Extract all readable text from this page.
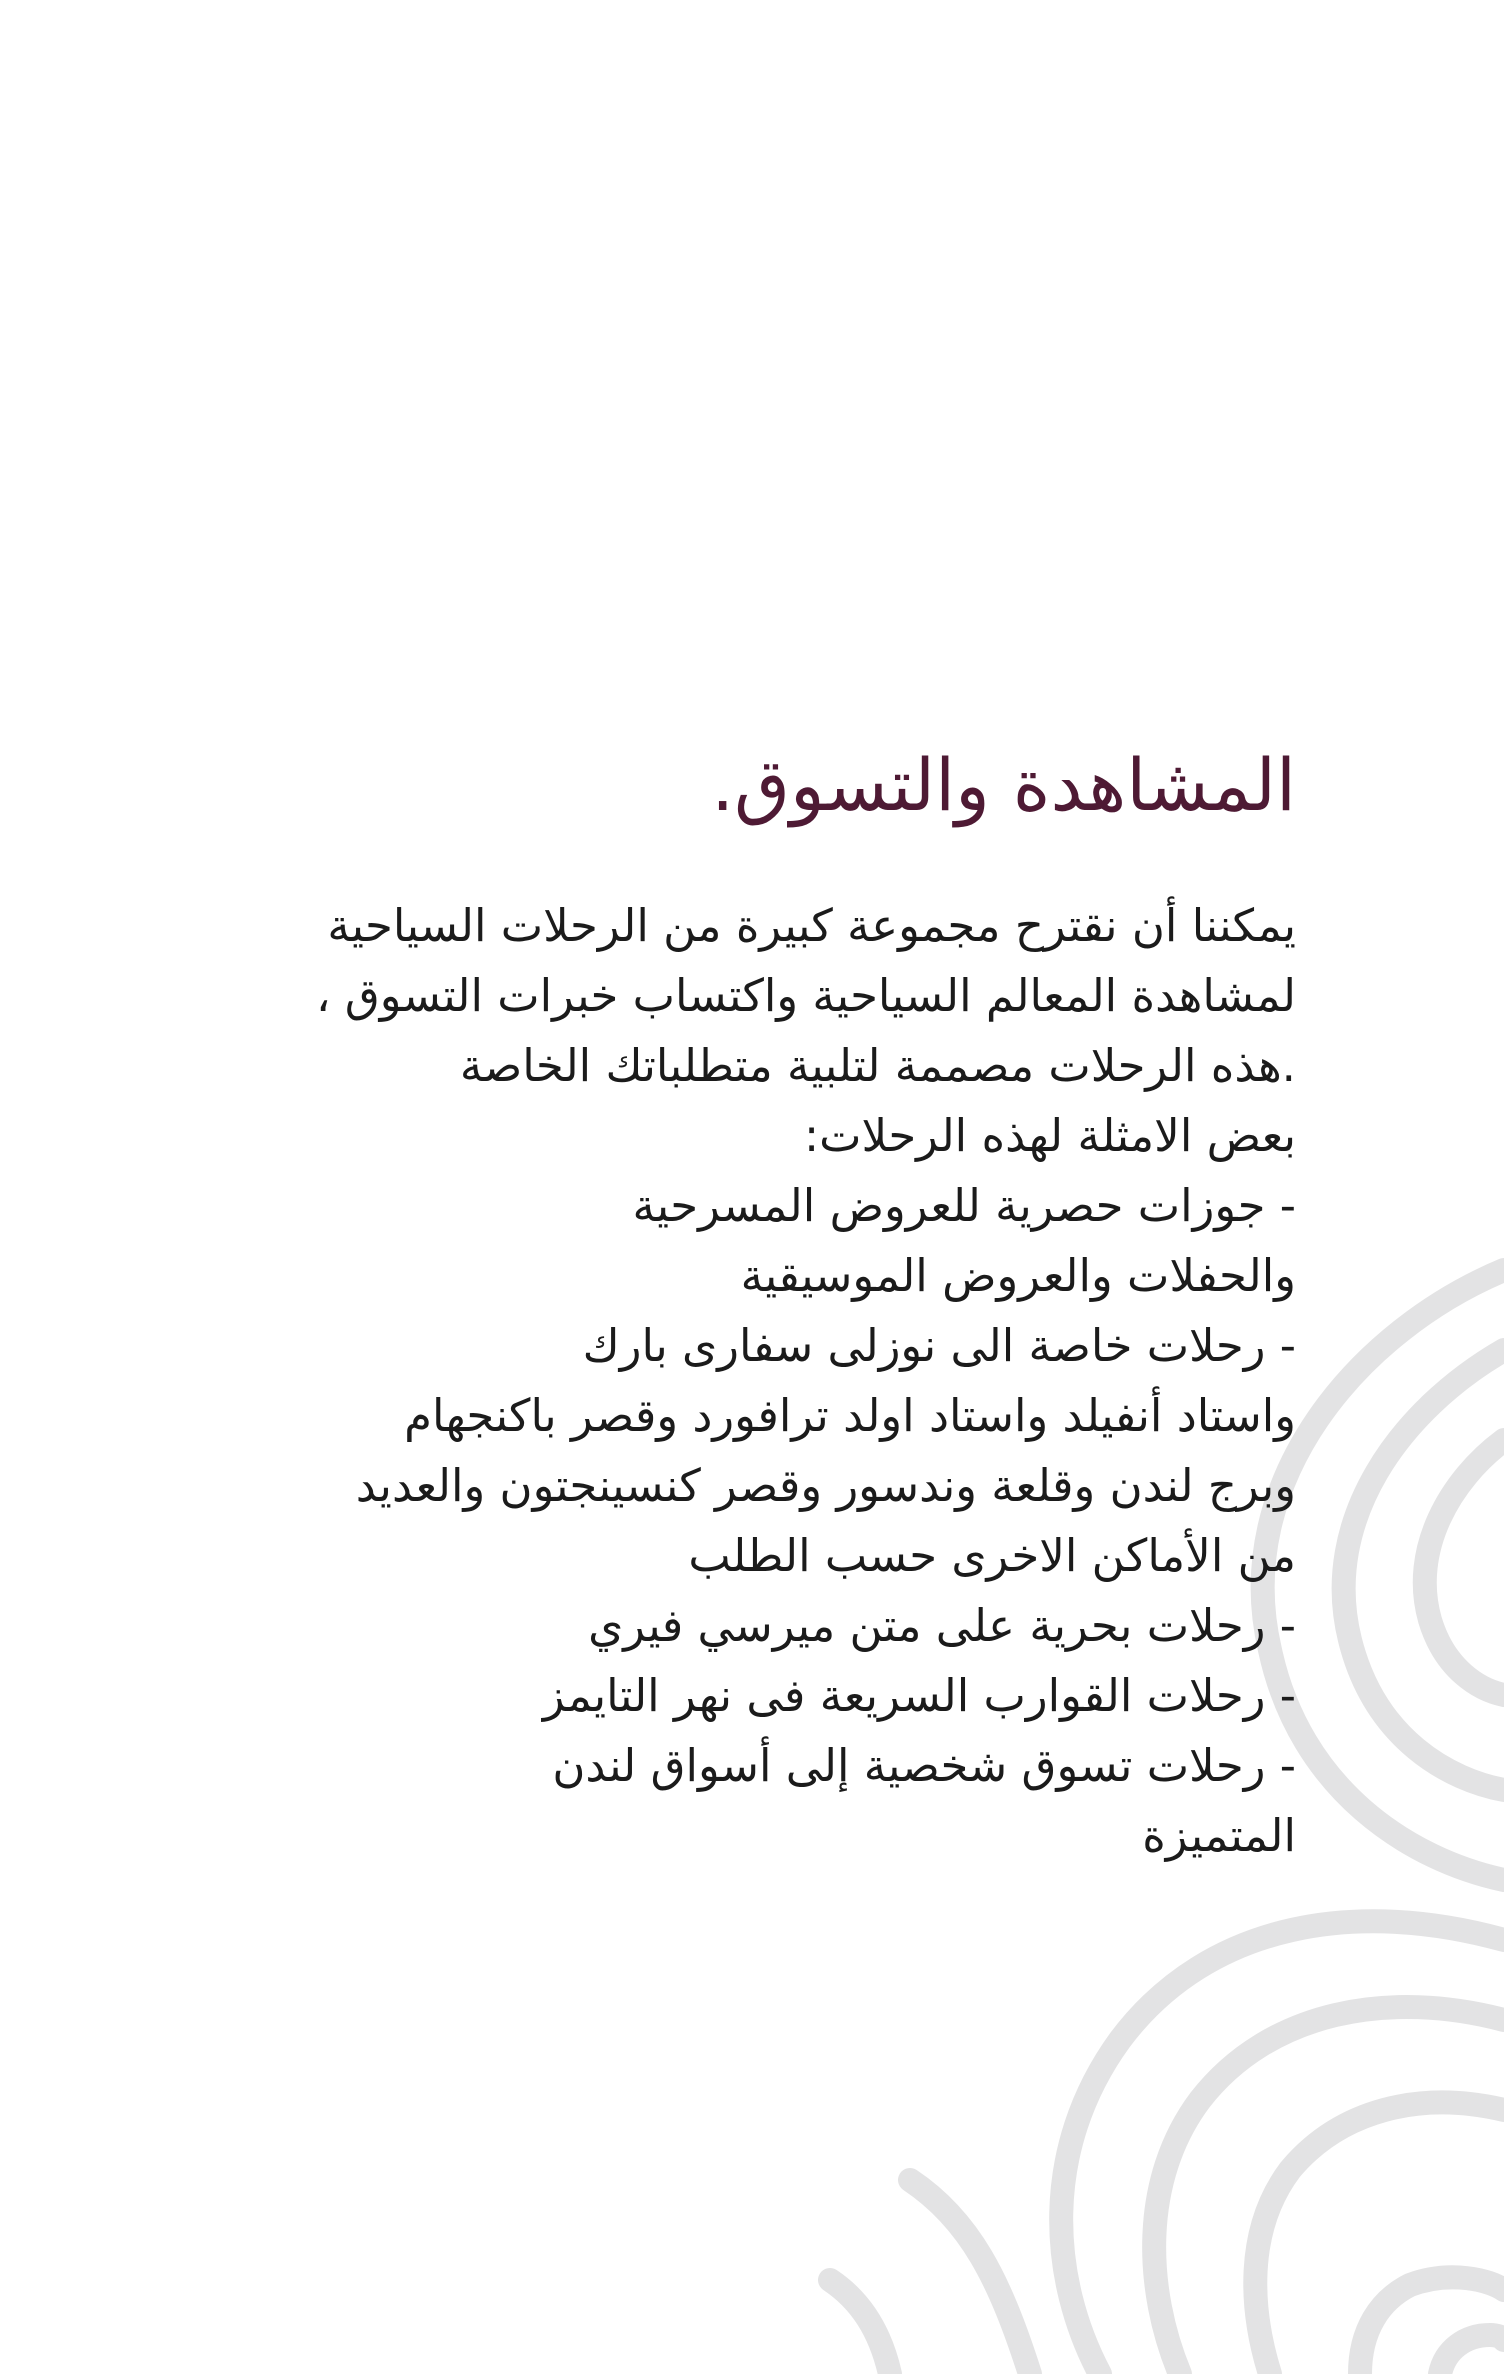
المشاهدة والتسوق.
يمكننا أن نقترح مجموعة كبيرة من الرحلات السياحية
لمشاهدة المعالم السياحية واكتساب خبرات التسوق ،
.هذه الرحلات مصممة لتلبية متطلباتك الخاصة
بعض الامثلة لهذه الرحلات:
- جوزات حصرية للعروض المسرحية
والحفلات والعروض الموسيقية
- رحلات خاصة الى نوزلى سفارى بارك
واستاد أنفيلد واستاد اولد ترافورد وقصر باكنجهام
وبرج لندن وقلعة وندسور وقصر كنسينجتون والعديد
من الأماكن الاخرى حسب الطلب
- رحلات بحرية على متن ميرسي فيري
- رحلات القوارب السريعة فى نهر التايمز
- رحلات تسوق شخصية إلى أسواق لندن
المتميزة
